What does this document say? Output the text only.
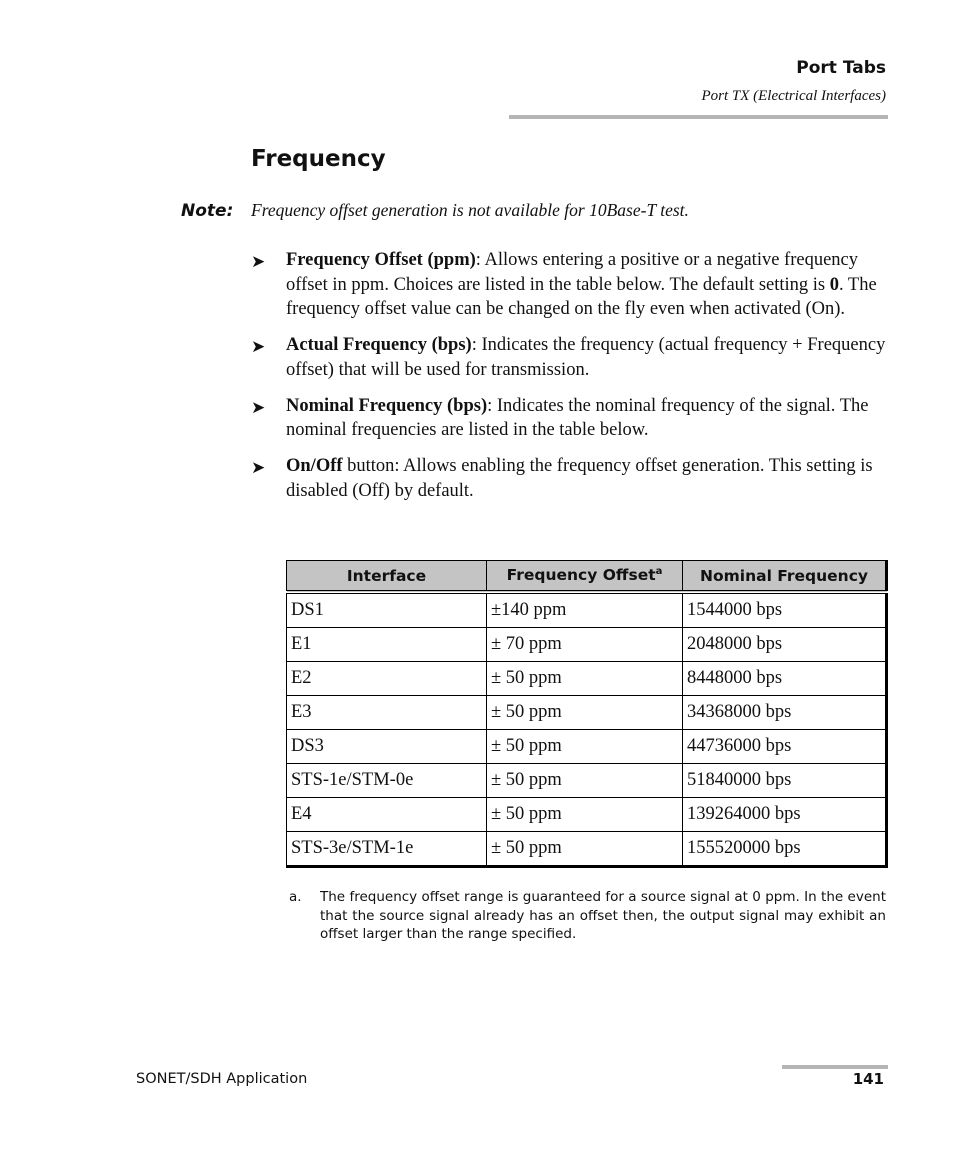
Port Tabs
Port TX (Electrical Interfaces)
Frequency
Note: Frequency offset generation is not available for 10Base-T test.
➤ Frequency Offset (ppm): Allows entering a positive or a negative frequency offset in ppm. Choices are listed in the table below. The default setting is 0. The frequency offset value can be changed on the fly even when activated (On).
➤ Actual Frequency (bps): Indicates the frequency (actual frequency + Frequency offset) that will be used for transmission.
➤ Nominal Frequency (bps): Indicates the nominal frequency of the signal. The nominal frequencies are listed in the table below.
➤ On/Off button: Allows enabling the frequency offset generation. This setting is disabled (Off) by default.
Interface	Frequency Offset$^a$	Nominal Frequency
DS1	±140 ppm	1544000 bps
E1	± 70 ppm	2048000 bps
E2	± 50 ppm	8448000 bps
E3	± 50 ppm	34368000 bps
DS3	± 50 ppm	44736000 bps
STS-1e/STM-0e	± 50 ppm	51840000 bps
E4	± 50 ppm	139264000 bps
STS-3e/STM-1e	± 50 ppm	155520000 bps
a.	The frequency offset range is guaranteed for a source signal at 0 ppm. In the event that the source signal already has an offset then, the output signal may exhibit an offset larger than the range specified.
SONET/SDH Application	141
